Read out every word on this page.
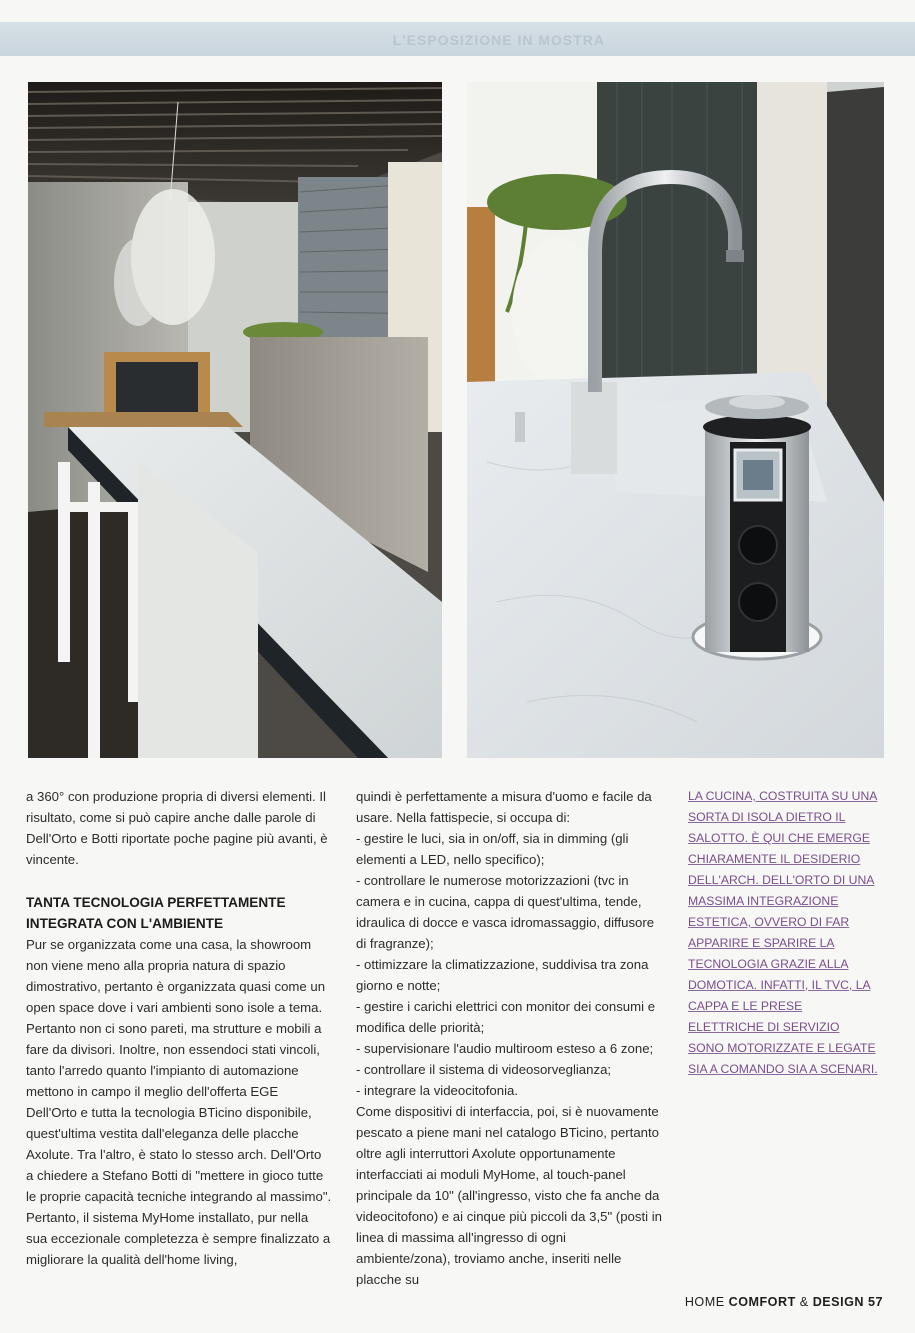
L'ESPOSIZIONE IN MOSTRA

a 360° con produzione propria di diversi elementi. Il risultato, come si può capire anche dalle parole di Dell'Orto e Botti riportate poche pagine più avanti, è vincente.

TANTA TECNOLOGIA PERFETTAMENTE INTEGRATA CON L'AMBIENTE

Pur se organizzata come una casa, la showroom non viene meno alla propria natura di spazio dimostrativo, pertanto è organizzata quasi come un open space dove i vari ambienti sono isole a tema. Pertanto non ci sono pareti, ma strutture e mobili a fare da divisori. Inoltre, non essendoci stati vincoli, tanto l'arredo quanto l'impianto di automazione mettono in campo il meglio dell'offerta EGE Dell'Orto e tutta la tecnologia BTicino disponibile, quest'ultima vestita dall'eleganza delle placche Axolute. Tra l'altro, è stato lo stesso arch. Dell'Orto a chiedere a Stefano Botti di "mettere in gioco tutte le proprie capacità tecniche integrando al massimo". Pertanto, il sistema MyHome installato, pur nella sua eccezionale completezza è sempre finalizzato a migliorare la qualità dell'home living,

quindi è perfettamente a misura d'uomo e facile da usare. Nella fattispecie, si occupa di:

- gestire le luci, sia in on/off, sia in dimming (gli elementi a LED, nello specifico);

- controllare le numerose motorizzazioni (tvc in camera e in cucina, cappa di quest'ultima, tende, idraulica di docce e vasca idromassaggio, diffusore di fragranze);

- ottimizzare la climatizzazione, suddivisa tra zona giorno e notte;

- gestire i carichi elettrici con monitor dei consumi e modifica delle priorità;

- supervisionare l'audio multiroom esteso a 6 zone;

- controllare il sistema di videosorveglianza;

- integrare la videocitofonia.

Come dispositivi di interfaccia, poi, si è nuovamente pescato a piene mani nel catalogo BTicino, pertanto oltre agli interruttori Axolute opportunamente interfacciati ai moduli MyHome, al touch-panel principale da 10" (all'ingresso, visto che fa anche da videocitofono) e ai cinque più piccoli da 3,5" (posti in linea di massima all'ingresso di ogni ambiente/zona), troviamo anche, inseriti nelle placche su

LA CUCINA, COSTRUITA SU UNA SORTA DI ISOLA DIETRO IL SALOTTO. È QUI CHE EMERGE CHIARAMENTE IL DESIDERIO DELL'ARCH. DELL'ORTO DI UNA MASSIMA INTEGRAZIONE ESTETICA, OVVERO DI FAR APPARIRE E SPARIRE LA TECNOLOGIA GRAZIE ALLA DOMOTICA. INFATTI, IL TVC, LA CAPPA E LE PRESE ELETTRICHE DI SERVIZIO SONO MOTORIZZATE E LEGATE SIA A COMANDO SIA A SCENARI.

HOME COMFORT & DESIGN 57
